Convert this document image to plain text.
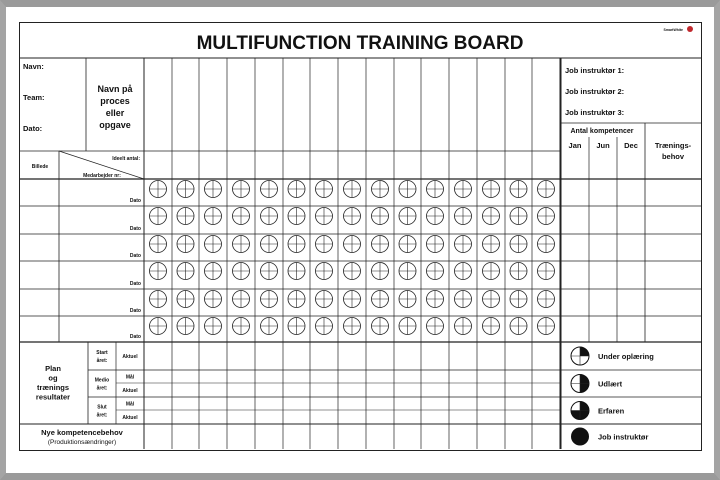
MULTIFUNCTION TRAINING BOARD
SmartWhite
Navn:
Team:
Dato:
Navn på
proces
eller
opgave
Billede
Ideelt antal:
Medarbejder nr:
Dato
Dato
Dato
Dato
Dato
Dato
Job instruktør 1:
Job instruktør 2:
Job instruktør 3:
Antal kompetencer
Jan Jun Dec Trænings-
behov
Plan
og
trænings
resultater
Start
året:
Aktuel
Medio
året:
Mål
Aktuel
Slut
året:
Mål
Aktuel
Nye kompetencebehov
(Produktionsændringer)
Under oplæring
Udlært
Erfaren
Job instruktør
